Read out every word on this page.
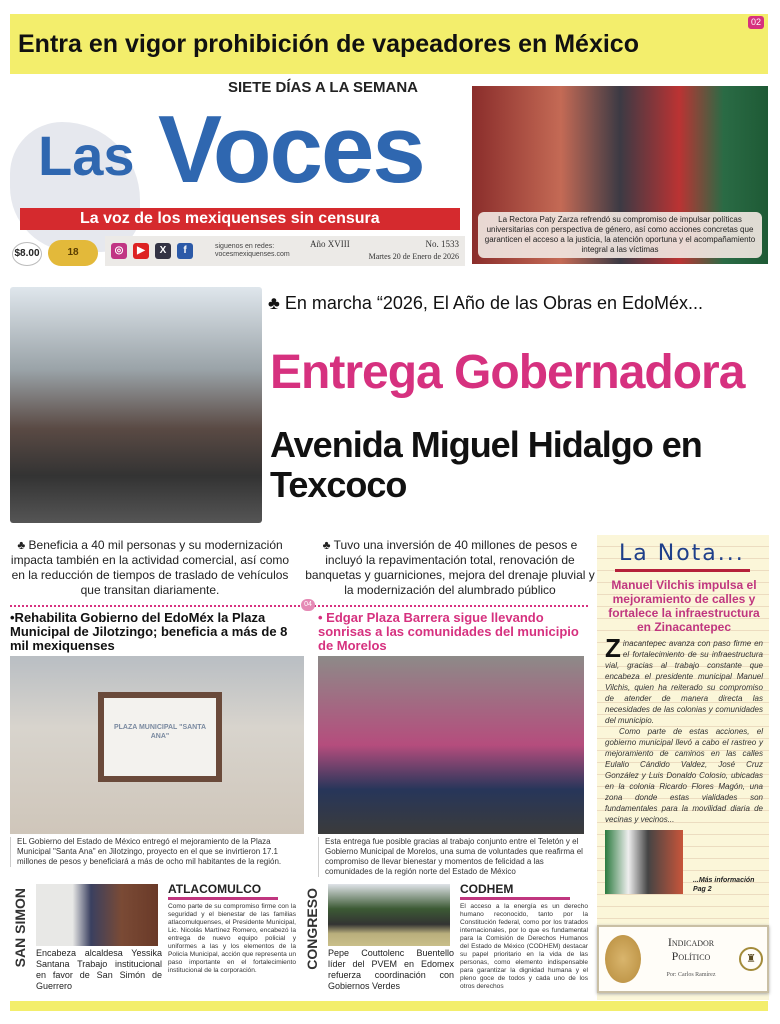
Entra en vigor prohibición de vapeadores en México
02
SIETE DÍAS A LA SEMANA
Las Voces
La voz de los mexiquenses sin censura
$8.00	18	◎	▶	X	f	siguenos en redes:
vocesmexiquenses.com
Año XVIII	No. 1533
Martes 20 de Enero de 2026
La Rectora Paty Zarza refrendó su compromiso de impulsar políticas universitarias con perspectiva de género, así como acciones concretas que garanticen el acceso a la justicia, la atención oportuna y el acompañamiento integral a las víctimas
♣ En marcha “2026, El Año de las Obras en EdoMéx...
Entrega Gobernadora
Avenida Miguel Hidalgo en Texcoco
♣ Beneficia a 40 mil personas y su modernización impacta también en la actividad comercial, así como en la reducción de tiempos de traslado de vehículos que transitan diariamente.
♣ Tuvo una inversión de 40 millones de pesos e incluyó la repavimentación total, renovación de banquetas y guarniciones, mejora del drenaje pluvial y la modernización del alumbrado público
04
•Rehabilita Gobierno del EdoMéx la Plaza Municipal de Jilotzingo; beneficia a más de 8 mil mexiquenses
• Edgar Plaza Barrera sigue llevando sonrisas a las comunidades del municipio de Morelos
PLAZA MUNICIPAL "SANTA ANA"
EL Gobierno del Estado de México entregó el mejoramiento de la Plaza Municipal "Santa Ana" en Jilotzingo, proyecto en el que se invirtieron 17.1 millones de pesos y beneficiará a más de ocho mil habitantes de la región.
Esta entrega fue posible gracias al trabajo conjunto entre el Teletón y el Gobierno Municipal de Morelos, una suma de voluntades que reafirma el compromiso de llevar bienestar y momentos de felicidad a las comunidades de la región norte del Estado de México
La Nota...
Manuel Vilchis impulsa el mejoramiento de calles y fortalece la infraestructura en Zinacantepec

Zinacantepec avanza con paso firme en el fortalecimiento de su infraestructura vial, gracias al trabajo constante que encabeza el presidente municipal Manuel Vilchis, quien ha reiterado su compromiso de atender de manera directa las necesidades de las colonias y comunidades del municipio.

Como parte de estas acciones, el gobierno municipal llevó a cabo el rastreo y mejoramiento de caminos en las calles Eulalio Cándido Valdez, José Cruz González y Luis Donaldo Colosio, ubicadas en la colonia Ricardo Flores Magón, una zona donde estas vialidades son fundamentales para la movilidad diaria de vecinas y vecinos...

...Más información
Pag 2
Indicador
Político
Por: Carlos Ramírez
♜
SAN SIMON Encabeza alcaldesa Yessika Santana Trabajo institucional en favor de San Simón de Guerrero
ATLACOMULCO
Como parte de su compromiso firme con la seguridad y el bienestar de las familias atlacomulquenses, el Presidente Municipal, Lic. Nicolás Martínez Romero, encabezó la entrega de nuevo equipo policial y uniformes a las y los elementos de la Policía Municipal, acción que representa un paso importante en el fortalecimiento institucional de la corporación.
CONGRESO Pepe Couttolenc Buentello líder del PVEM en Edomex refuerza coordinación con Gobiernos Verdes
CODHEM
El acceso a la energía es un derecho humano reconocido, tanto por la Constitución federal, como por los tratados internacionales, por lo que es fundamental para la Comisión de Derechos Humanos del Estado de México (CODHEM) destacar su papel prioritario en la vida de las personas, como elemento indispensable para garantizar la dignidad humana y el pleno goce de todos y cada uno de los otros derechos
